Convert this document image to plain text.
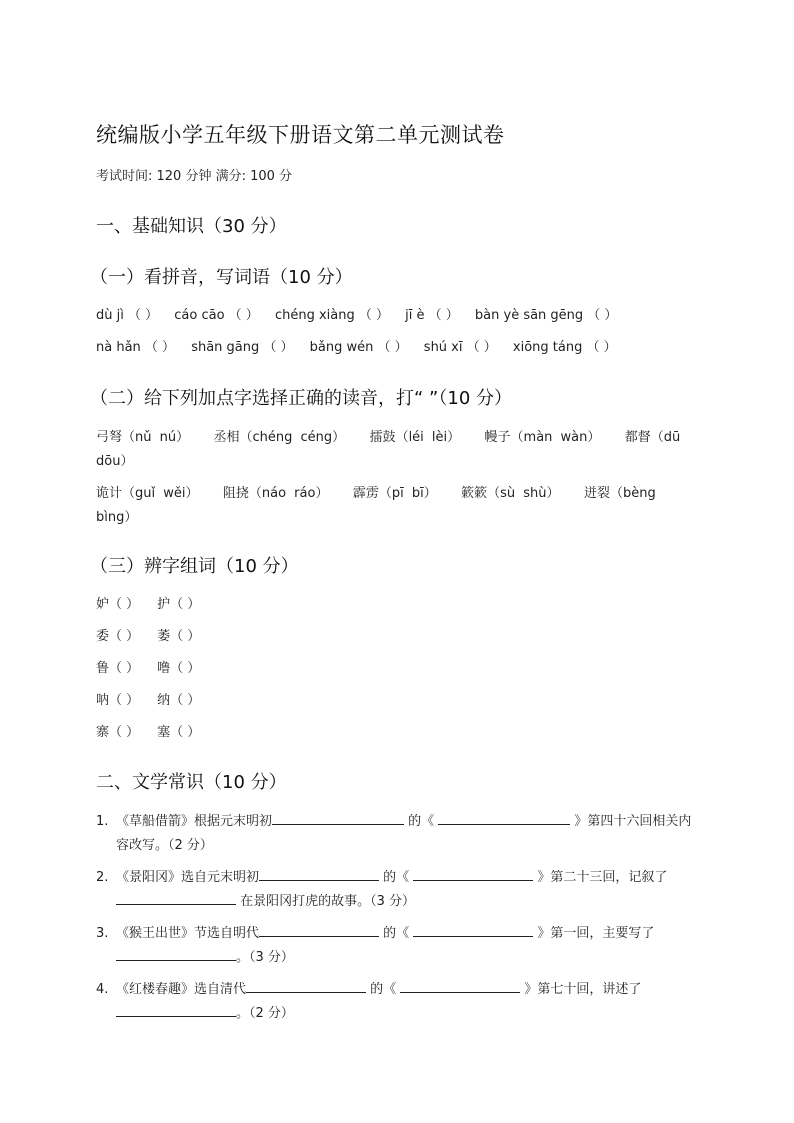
统编版小学五年级下册语文第二单元测试卷

考试时间: 120 分钟 满分: 100 分

一、基础知识（30 分）
（一）看拼音，写词语（10 分）

dù jì （ ） cáo cāo （ ） chéng xiàng （ ） jī è （ ） bàn yè sān gēng （ ）

nà hǎn （ ） shān gāng （ ） bǎng wén （ ） shú xī （ ） xiōng táng （ ）

（二）给下列加点字选择正确的读音，打“ ”（10 分）

弓弩（nǔ nú） 丞相（chéng céng） 擂鼓（léi lèi） 幔子（màn wàn） 都督（dū dōu）

诡计（guǐ wěi） 阻挠（náo ráo） 霹雳（pī bī） 簌簌（sù shù） 迸裂（bèng bìng）

（三）辨字组词（10 分）

妒（ ） 护（ ）

委（ ） 萎（ ）

鲁（ ） 噜（ ）

呐（ ） 纳（ ）

寨（ ） 塞（ ）

二、文学常识（10 分）
1. 《草船借箭》根据元末明初	的《	》第四十六回相关内容改写。（2 分）
2. 《景阳冈》选自元末明初	的《	》第二十三回，记叙了  在景阳冈打虎的故事。（3 分）
3. 《猴王出世》节选自明代	的《	》第一回，主要写了 。（3 分）
4. 《红楼春趣》选自清代	的《	》第七十回，讲述了 。（2 分）
